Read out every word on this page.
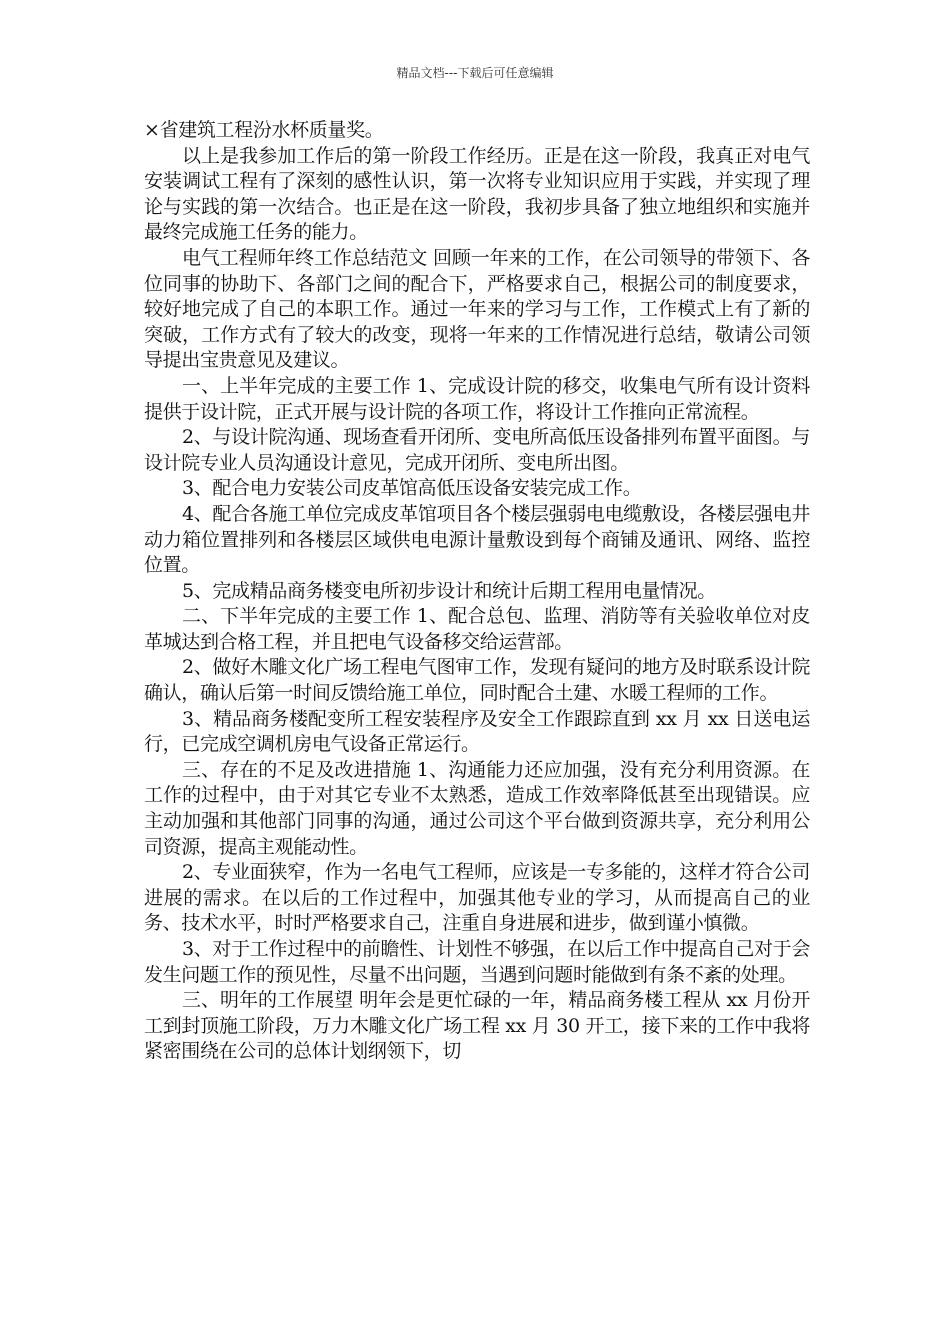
精品文档---下载后可任意编辑

×省建筑工程汾水杯质量奖。

以上是我参加工作后的第一阶段工作经历。正是在这一阶段，我真正对电气安装调试工程有了深刻的感性认识，第一次将专业知识应用于实践，并实现了理论与实践的第一次结合。也正是在这一阶段，我初步具备了独立地组织和实施并最终完成施工任务的能力。

电气工程师年终工作总结范文 回顾一年来的工作，在公司领导的带领下、各位同事的协助下、各部门之间的配合下，严格要求自己，根据公司的制度要求，较好地完成了自己的本职工作。通过一年来的学习与工作，工作模式上有了新的突破，工作方式有了较大的改变，现将一年来的工作情况进行总结，敬请公司领导提出宝贵意见及建议。

一、上半年完成的主要工作 1、完成设计院的移交，收集电气所有设计资料提供于设计院，正式开展与设计院的各项工作，将设计工作推向正常流程。

2、与设计院沟通、现场查看开闭所、变电所高低压设备排列布置平面图。与设计院专业人员沟通设计意见，完成开闭所、变电所出图。

3、配合电力安装公司皮革馆高低压设备安装完成工作。

4、配合各施工单位完成皮革馆项目各个楼层强弱电电缆敷设，各楼层强电井动力箱位置排列和各楼层区域供电电源计量敷设到每个商铺及通讯、网络、监控位置。

5、完成精品商务楼变电所初步设计和统计后期工程用电量情况。

二、下半年完成的主要工作 1、配合总包、监理、消防等有关验收单位对皮革城达到合格工程，并且把电气设备移交给运营部。

2、做好木雕文化广场工程电气图审工作，发现有疑问的地方及时联系设计院确认，确认后第一时间反馈给施工单位，同时配合土建、水暖工程师的工作。

3、精品商务楼配变所工程安装程序及安全工作跟踪直到 xx 月 xx 日送电运行，已完成空调机房电气设备正常运行。

三、存在的不足及改进措施 1、沟通能力还应加强，没有充分利用资源。在工作的过程中，由于对其它专业不太熟悉，造成工作效率降低甚至出现错误。应主动加强和其他部门同事的沟通，通过公司这个平台做到资源共享，充分利用公司资源，提高主观能动性。

2、专业面狭窄，作为一名电气工程师，应该是一专多能的，这样才符合公司进展的需求。在以后的工作过程中，加强其他专业的学习，从而提高自己的业务、技术水平，时时严格要求自己，注重自身进展和进步，做到谨小慎微。

3、对于工作过程中的前瞻性、计划性不够强，在以后工作中提高自己对于会发生问题工作的预见性，尽量不出问题，当遇到问题时能做到有条不紊的处理。

三、明年的工作展望 明年会是更忙碌的一年，精品商务楼工程从 xx 月份开工到封顶施工阶段，万力木雕文化广场工程 xx 月 30 开工，接下来的工作中我将紧密围绕在公司的总体计划纲领下，切
